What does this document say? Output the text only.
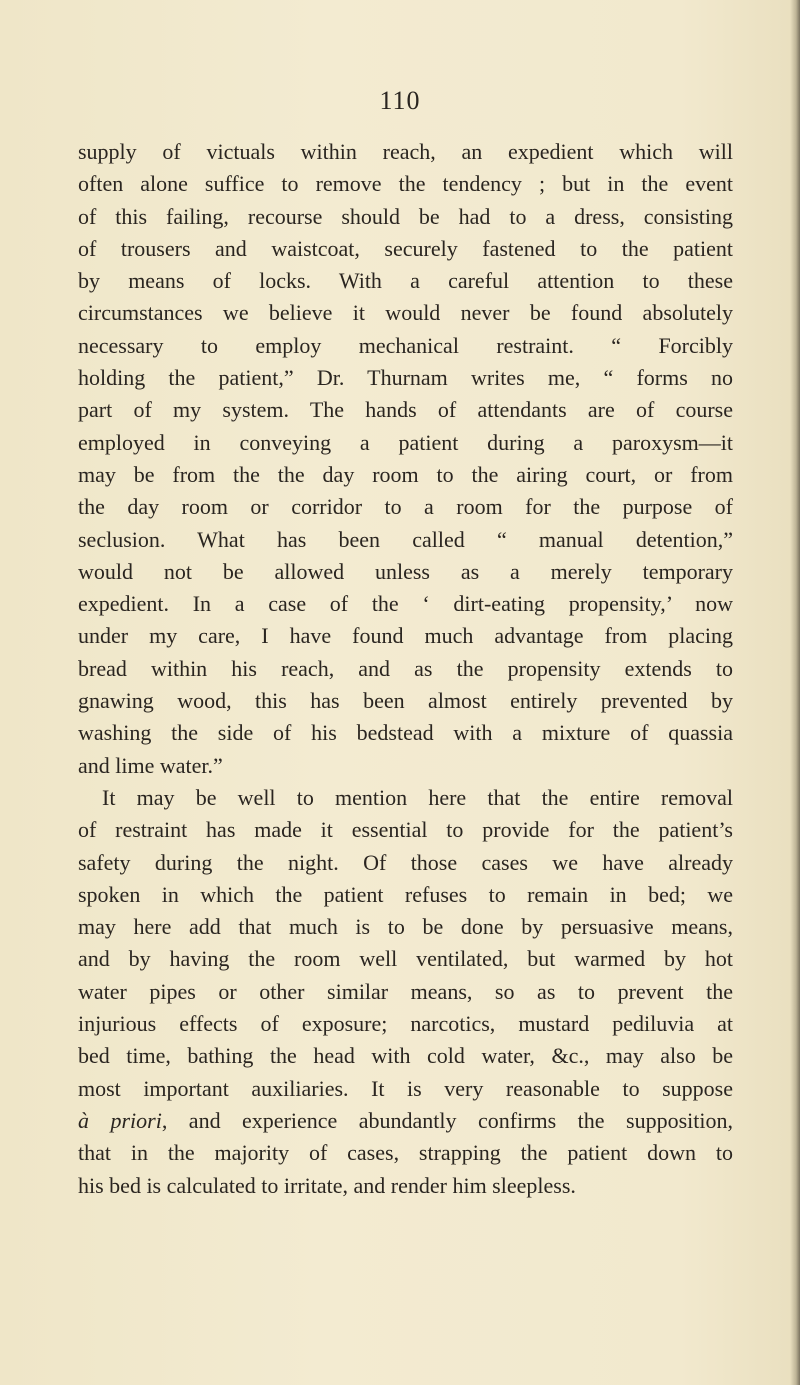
110
supply of victuals within reach, an expedient which will
often alone suffice to remove the tendency ; but in the event
of this failing, recourse should be had to a dress, consisting
of trousers and waistcoat, securely fastened to the patient
by means of locks. With a careful attention to these
circumstances we believe it would never be found absolutely
necessary to employ mechanical restraint. “ Forcibly
holding the patient,” Dr. Thurnam writes me, “ forms no
part of my system. The hands of attendants are of course
employed in conveying a patient during a paroxysm—it
may be from the the day room to the airing court, or from
the day room or corridor to a room for the purpose of
seclusion. What has been called “ manual detention,”
would not be allowed unless as a merely temporary
expedient. In a case of the ‘ dirt-eating propensity,’ now
under my care, I have found much advantage from placing
bread within his reach, and as the propensity extends to
gnawing wood, this has been almost entirely prevented by
washing the side of his bedstead with a mixture of quassia
and lime water.”
It may be well to mention here that the entire removal
of restraint has made it essential to provide for the patient’s
safety during the night. Of those cases we have already
spoken in which the patient refuses to remain in bed; we
may here add that much is to be done by persuasive means,
and by having the room well ventilated, but warmed by hot
water pipes or other similar means, so as to prevent the
injurious effects of exposure; narcotics, mustard pediluvia at
bed time, bathing the head with cold water, &c., may also be
most important auxiliaries. It is very reasonable to suppose
à priori, and experience abundantly confirms the supposition,
that in the majority of cases, strapping the patient down to
his bed is calculated to irritate, and render him sleepless.
